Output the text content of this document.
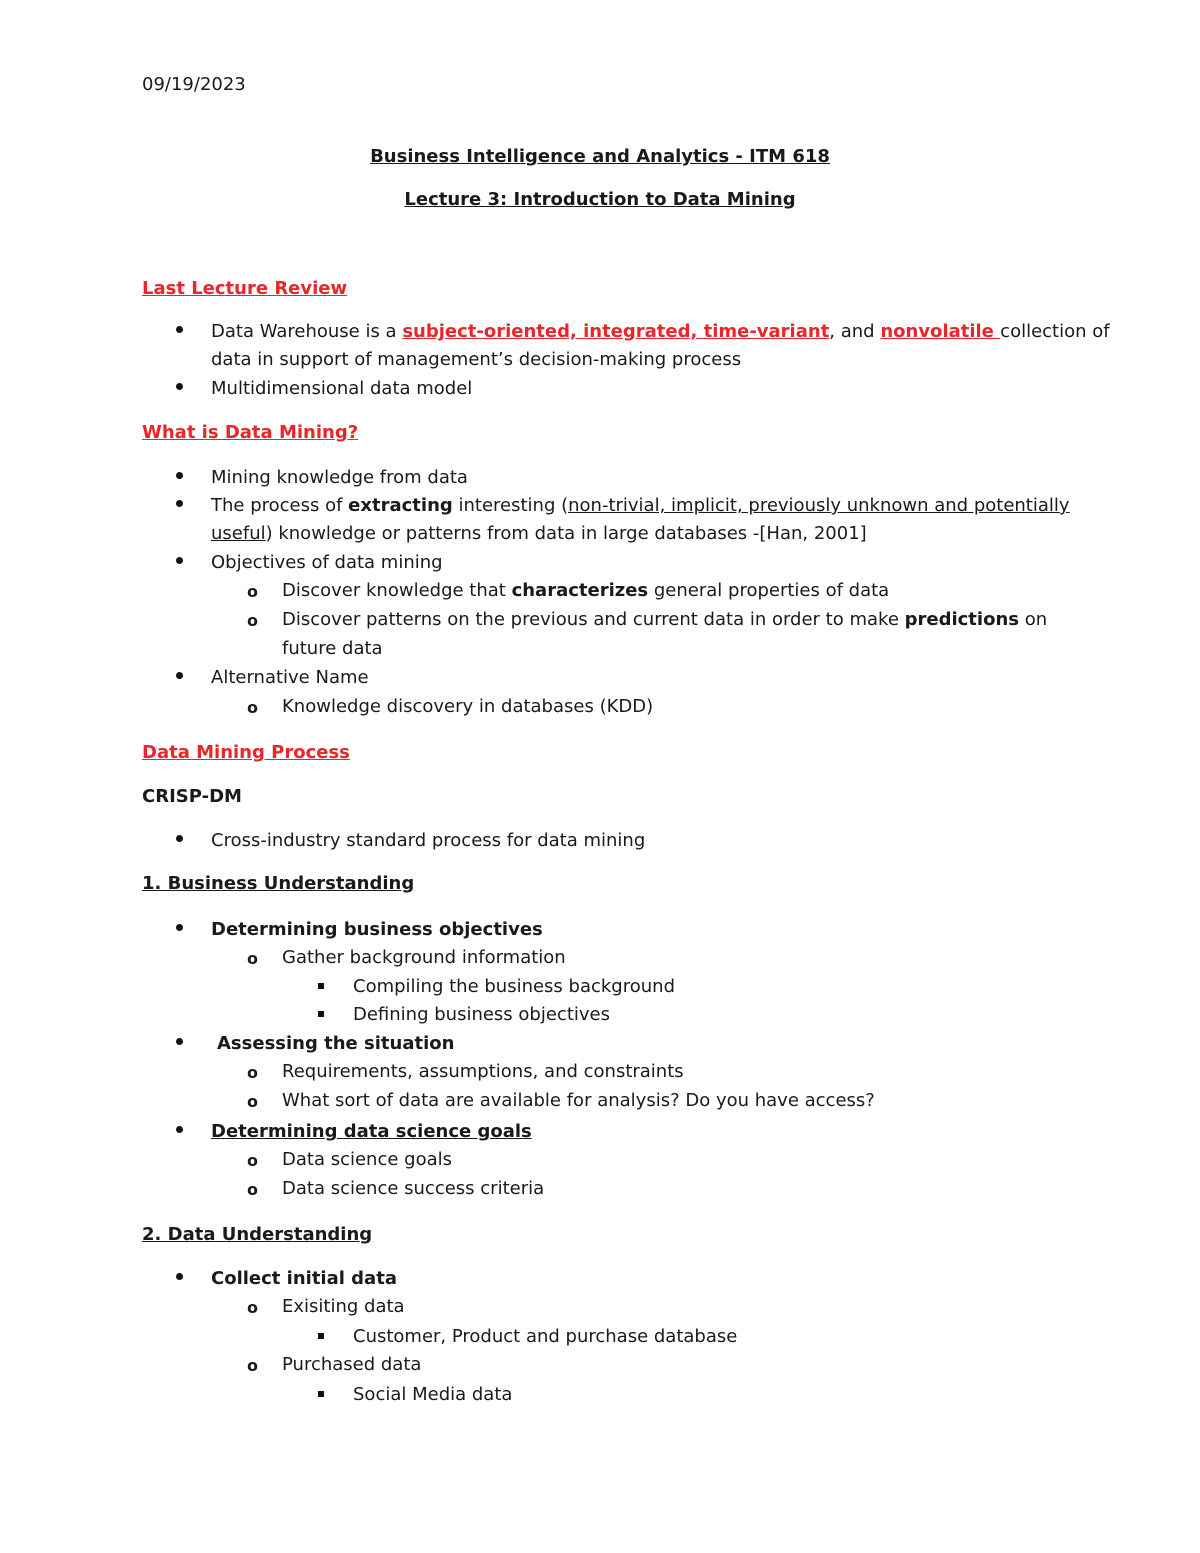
09/19/2023
Business Intelligence and Analytics - ITM 618
Lecture 3: Introduction to Data Mining
Last Lecture Review
Data Warehouse is a subject-oriented, integrated, time-variant, and nonvolatile collection of
data in support of management’s decision-making process
Multidimensional data model
What is Data Mining?
Mining knowledge from data
The process of extracting interesting (non-trivial, implicit, previously unknown and potentially
useful) knowledge or patterns from data in large databases -[Han, 2001]
Objectives of data mining
o Discover knowledge that characterizes general properties of data
o Discover patterns on the previous and current data in order to make predictions on
future data
Alternative Name
o Knowledge discovery in databases (KDD)
Data Mining Process
CRISP-DM
Cross-industry standard process for data mining
1. Business Understanding
Determining business objectives
o Gather background information
Compiling the business background
Defining business objectives
Assessing the situation
o Requirements, assumptions, and constraints
o What sort of data are available for analysis? Do you have access?
Determining data science goals
o Data science goals
o Data science success criteria
2. Data Understanding
Collect initial data
o Exisiting data
Customer, Product and purchase database
o Purchased data
Social Media data
